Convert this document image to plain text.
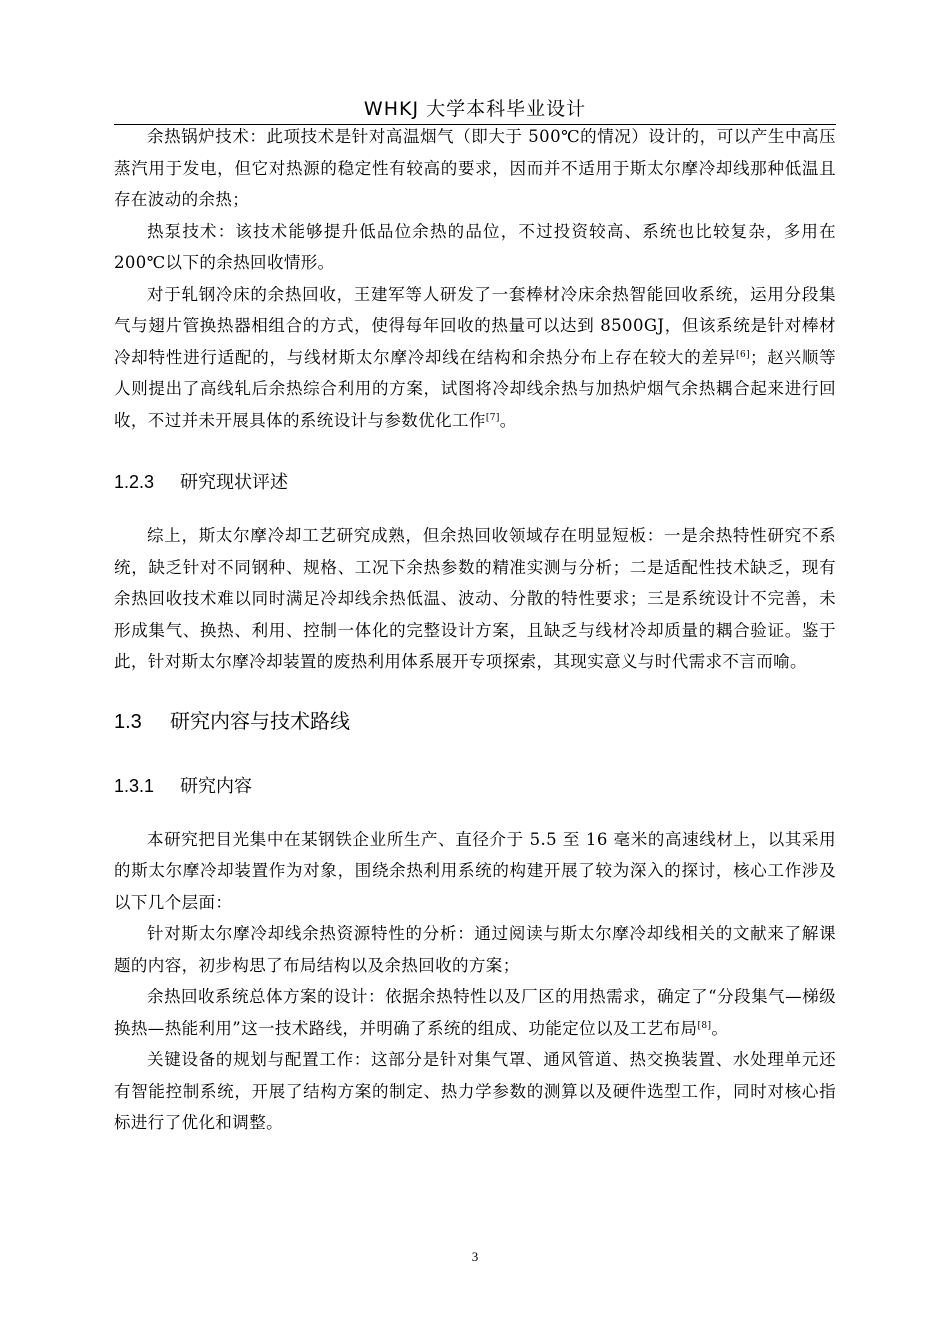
WHKJ 大学本科毕业设计

余热锅炉技术：此项技术是针对高温烟气（即大于 500℃的情况）设计的，可以产生中高压蒸汽用于发电，但它对热源的稳定性有较高的要求，因而并不适用于斯太尔摩冷却线那种低温且存在波动的余热；

热泵技术：该技术能够提升低品位余热的品位，不过投资较高、系统也比较复杂，多用在 200℃以下的余热回收情形。

对于轧钢冷床的余热回收，王建军等人研发了一套棒材冷床余热智能回收系统，运用分段集气与翅片管换热器相组合的方式，使得每年回收的热量可以达到 8500GJ，但该系统是针对棒材冷却特性进行适配的，与线材斯太尔摩冷却线在结构和余热分布上存在较大的差异[6]；赵兴顺等人则提出了高线轧后余热综合利用的方案，试图将冷却线余热与加热炉烟气余热耦合起来进行回收，不过并未开展具体的系统设计与参数优化工作[7]。

1.2.3 研究现状评述

综上，斯太尔摩冷却工艺研究成熟，但余热回收领域存在明显短板：一是余热特性研究不系统，缺乏针对不同钢种、规格、工况下余热参数的精准实测与分析；二是适配性技术缺乏，现有余热回收技术难以同时满足冷却线余热低温、波动、分散的特性要求；三是系统设计不完善，未形成集气、换热、利用、控制一体化的完整设计方案，且缺乏与线材冷却质量的耦合验证。鉴于此，针对斯太尔摩冷却装置的废热利用体系展开专项探索，其现实意义与时代需求不言而喻。

1.3 研究内容与技术路线
1.3.1 研究内容

本研究把目光集中在某钢铁企业所生产、直径介于 5.5 至 16 毫米的高速线材上，以其采用的斯太尔摩冷却装置作为对象，围绕余热利用系统的构建开展了较为深入的探讨，核心工作涉及以下几个层面：

针对斯太尔摩冷却线余热资源特性的分析：通过阅读与斯太尔摩冷却线相关的文献来了解课题的内容，初步构思了布局结构以及余热回收的方案；

余热回收系统总体方案的设计：依据余热特性以及厂区的用热需求，确定了“分段集气—梯级换热—热能利用”这一技术路线，并明确了系统的组成、功能定位以及工艺布局[8]。

关键设备的规划与配置工作：这部分是针对集气罩、通风管道、热交换装置、水处理单元还有智能控制系统，开展了结构方案的制定、热力学参数的测算以及硬件选型工作，同时对核心指标进行了优化和调整。

3
